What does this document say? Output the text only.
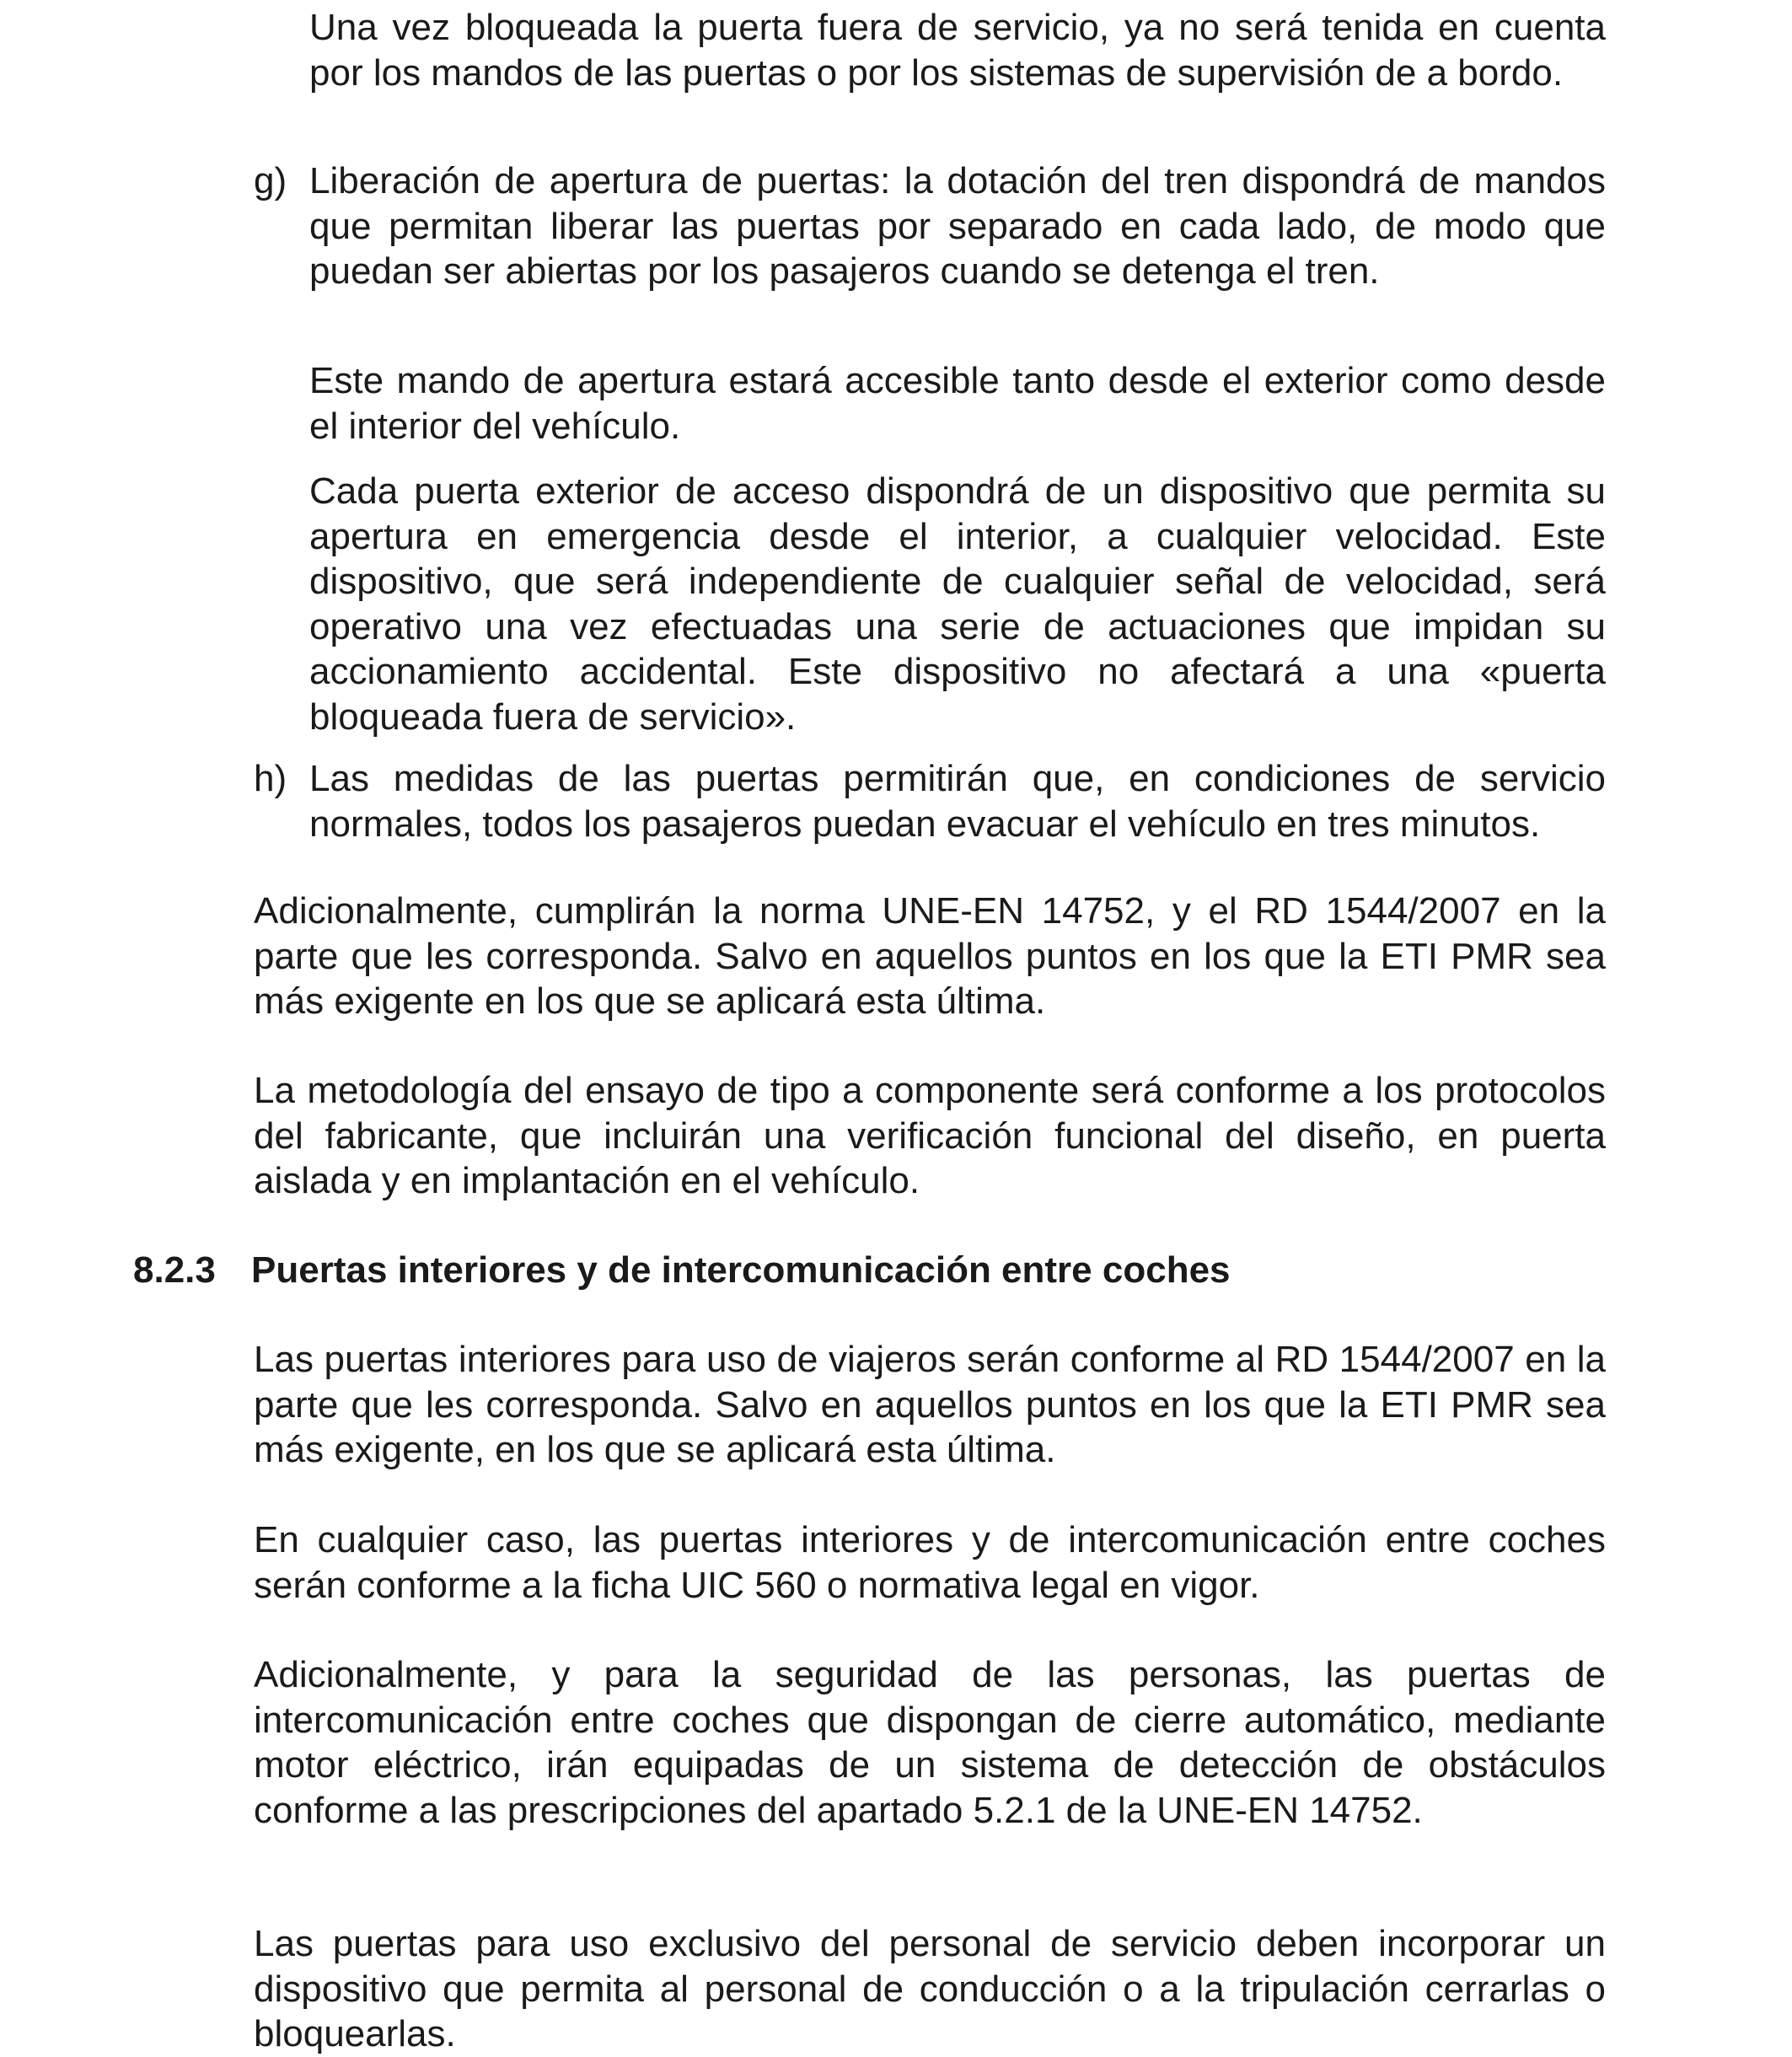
Una vez bloqueada la puerta fuera de servicio, ya no será tenida en cuenta por los mandos de las puertas o por los sistemas de supervisión de a bordo.

g) Liberación de apertura de puertas: la dotación del tren dispondrá de mandos que permitan liberar las puertas por separado en cada lado, de modo que puedan ser abiertas por los pasajeros cuando se detenga el tren.

Este mando de apertura estará accesible tanto desde el exterior como desde el interior del vehículo.

Cada puerta exterior de acceso dispondrá de un dispositivo que permita su apertura en emergencia desde el interior, a cualquier velocidad. Este dispositivo, que será independiente de cualquier señal de velocidad, será operativo una vez efectuadas una serie de actuaciones que impidan su accionamiento accidental. Este dispositivo no afectará a una «puerta bloqueada fuera de servicio».

h) Las medidas de las puertas permitirán que, en condiciones de servicio normales, todos los pasajeros puedan evacuar el vehículo en tres minutos.

Adicionalmente, cumplirán la norma UNE-EN 14752, y el RD 1544/2007 en la parte que les corresponda. Salvo en aquellos puntos en los que la ETI PMR sea más exigente en los que se aplicará esta última.

La metodología del ensayo de tipo a componente será conforme a los protocolos del fabricante, que incluirán una verificación funcional del diseño, en puerta aislada y en implantación en el vehículo.

8.2.3 Puertas interiores y de intercomunicación entre coches

Las puertas interiores para uso de viajeros serán conforme al RD 1544/2007 en la parte que les corresponda. Salvo en aquellos puntos en los que la ETI PMR sea más exigente, en los que se aplicará esta última.

En cualquier caso, las puertas interiores y de intercomunicación entre coches serán conforme a la ficha UIC 560 o normativa legal en vigor.

Adicionalmente, y para la seguridad de las personas, las puertas de intercomunicación entre coches que dispongan de cierre automático, mediante motor eléctrico, irán equipadas de un sistema de detección de obstáculos conforme a las prescripciones del apartado 5.2.1 de la UNE-EN 14752.

Las puertas para uso exclusivo del personal de servicio deben incorporar un dispositivo que permita al personal de conducción o a la tripulación cerrarlas o bloquearlas.
